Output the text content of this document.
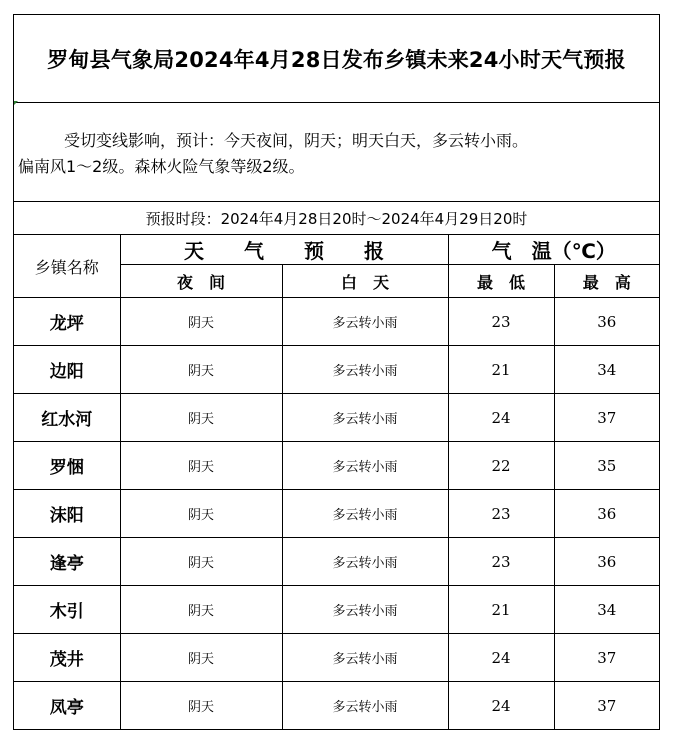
罗甸县气象局2024年4月28日发布乡镇未来24小时天气预报
受切变线影响，预计：今天夜间，阴天；明天白天，多云转小雨。
偏南风1～2级。森林火险气象等级2级。
预报时段：2024年4月28日20时～2024年4月29日20时
乡镇名称	天　　气　　预　　报		气　温（℃）	
	夜　间	白　天	最　低	最　高
龙坪	阴天	多云转小雨	23	36
边阳	阴天	多云转小雨	21	34
红水河	阴天	多云转小雨	24	37
罗悃	阴天	多云转小雨	22	35
沫阳	阴天	多云转小雨	23	36
逢亭	阴天	多云转小雨	23	36
木引	阴天	多云转小雨	21	34
茂井	阴天	多云转小雨	24	37
凤亭	阴天	多云转小雨	24	37
